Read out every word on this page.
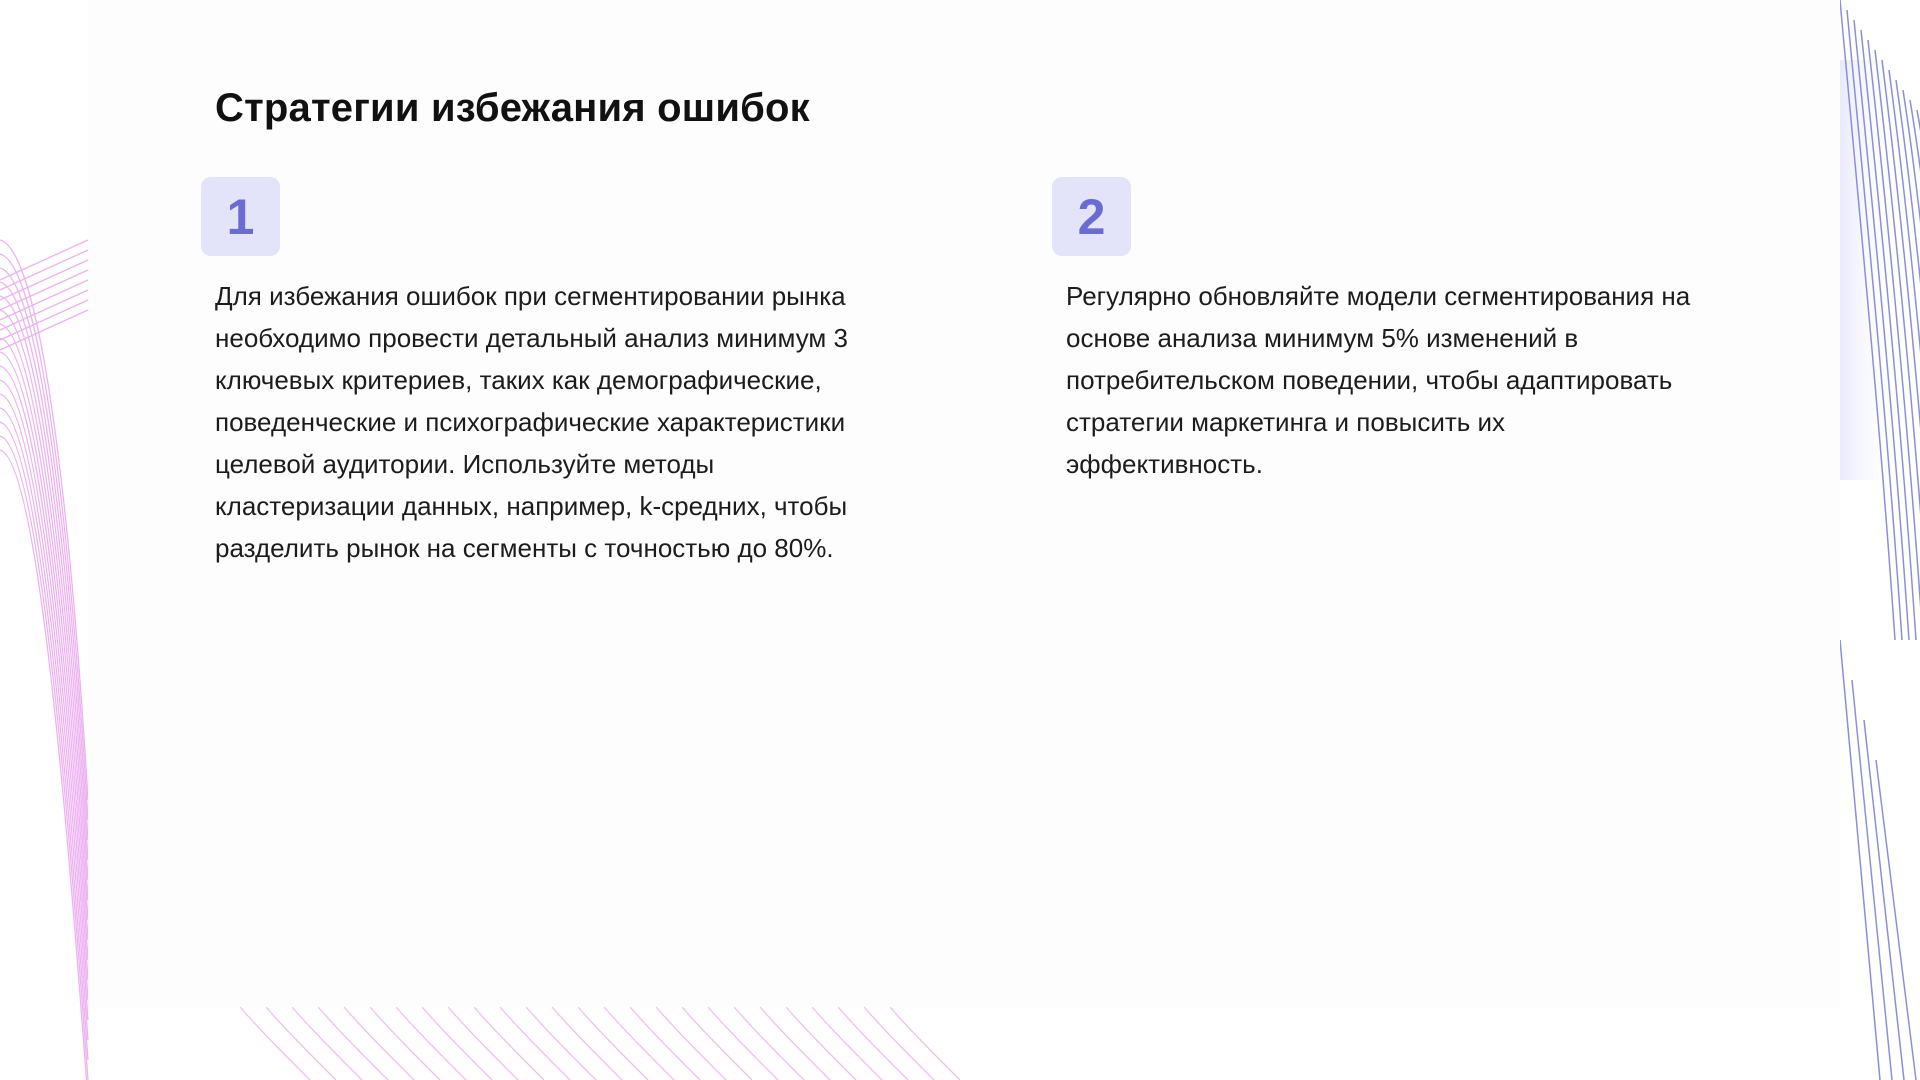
Стратегии избежания ошибок
1

Для избежания ошибок при сегментировании рынка необходимо провести детальный анализ минимум 3 ключевых критериев, таких как демографические, поведенческие и психографические характеристики целевой аудитории. Используйте методы кластеризации данных, например, k-средних, чтобы разделить рынок на сегменты с точностью до 80%.

2

Регулярно обновляйте модели сегментирования на основе анализа минимум 5% изменений в потребительском поведении, чтобы адаптировать стратегии маркетинга и повысить их эффективность.
